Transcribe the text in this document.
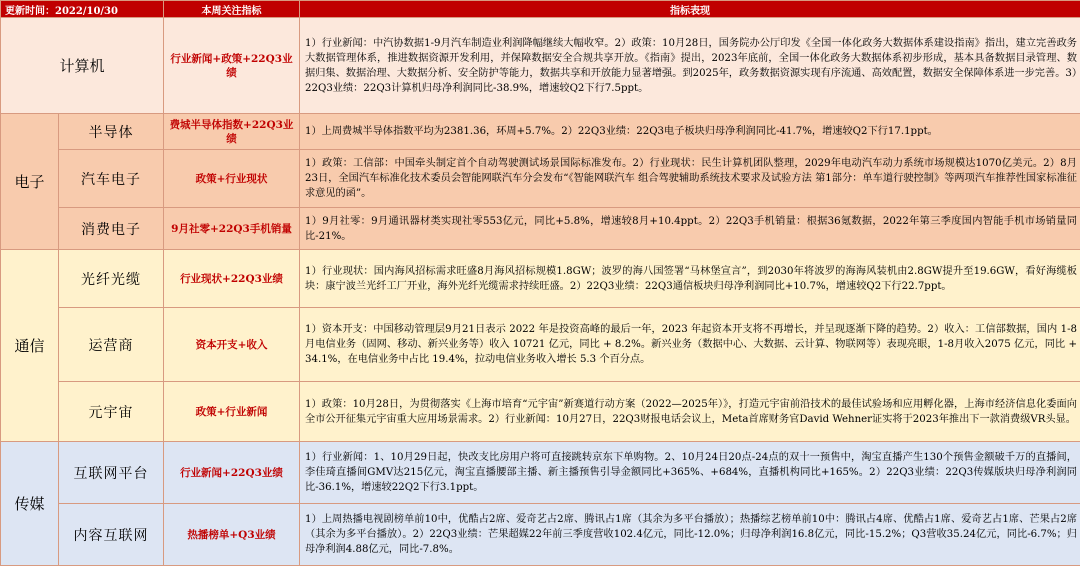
更新时间：2022/10/30		本周关注指标	指标表现
计算机		行业新闻+政策+22Q3业绩	1）行业新闻：中汽协数据1-9月汽车制造业利润降幅继续大幅收窄。2）政策：10月28日，国务院办公厅印发《全国一体化政务大数据体系建设指南》指出，建立完善政务大数据管理体系，推进数据资源开发利用，并保障数据安全合规共享开放。《指南》提出，2023年底前，全国一体化政务大数据体系初步形成，基本具备数据目录管理、数据归集、数据治理、大数据分析、安全防护等能力，数据共享和开放能力显著增强。到2025年，政务数据资源实现有序流通、高效配置，数据安全保障体系进一步完善。3）22Q3业绩：22Q3计算机归母净利润同比-38.9%，增速较Q2下行7.5ppt。
电子	半导体	费城半导体指数+22Q3业绩	1）上周费城半导体指数平均为2381.36，环周+5.7%。2）22Q3业绩：22Q3电子板块归母净利润同比-41.7%，增速较Q2下行17.1ppt。
	汽车电子	政策+行业现状	1）政策：工信部：中国牵头制定首个自动驾驶测试场景国际标准发布。2）行业现状：民生计算机团队整理，2029年电动汽车动力系统市场规模达1070亿美元。2）8月23日，全国汽车标准化技术委员会智能网联汽车分会发布“《智能网联汽车 组合驾驶辅助系统技术要求及试验方法 第1部分：单车道行驶控制》等两项汽车推荐性国家标准征求意见的函”。
	消费电子	9月社零+22Q3手机销量	1）9月社零：9月通讯器材类实现社零553亿元，同比+5.8%，增速较8月+10.4ppt。2）22Q3手机销量：根据36氪数据，2022年第三季度国内智能手机市场销量同比-21%。
通信	光纤光缆	行业现状+22Q3业绩	1）行业现状：国内海风招标需求旺盛8月海风招标规模1.8GW；波罗的海八国签署“马林堡宣言”，到2030年将波罗的海海风装机由2.8GW提升至19.6GW，看好海缆板块：康宁波兰光纤工厂开业，海外光纤光缆需求持续旺盛。2）22Q3业绩：22Q3通信板块归母净利润同比+10.7%，增速较Q2下行22.7ppt。
	运营商	资本开支+收入	1）资本开支：中国移动管理层9月21日表示 2022 年是投资高峰的最后一年，2023 年起资本开支将不再增长，并呈现逐渐下降的趋势。2）收入：工信部数据，国内 1-8 月电信业务（固网、移动、新兴业务等）收入 10721 亿元，同比 + 8.2%。新兴业务（数据中心、大数据、云计算、物联网等）表现亮眼，1-8月收入2075 亿元，同比 + 34.1%，在电信业务中占比 19.4%，拉动电信业务收入增长 5.3 个百分点。
	元宇宙	政策+行业新闻	1）政策：10月28日，为贯彻落实《上海市培育“元宇宙”新赛道行动方案（2022—2025年）》，打造元宇宙前沿技术的最佳试验场和应用孵化器，上海市经济信息化委面向全市公开征集元宇宙重大应用场景需求。2）行业新闻：10月27日，22Q3财报电话会议上，Meta首席财务官David Wehner证实将于2023年推出下一款消费级VR头显。
传媒	互联网平台	行业新闻+22Q3业绩	1）行业新闻：1、10月29日起，快改支比房用户将可直接跳转京东下单购物。2、10月24日20点-24点的双十一预售中，淘宝直播产生130个预售金额破千万的直播间，李佳琦直播间GMV达215亿元，淘宝直播腰部主播、新主播预售引导金额同比+365%、+684%，直播机构同比+165%。2）22Q3业绩：22Q3传媒版块归母净利润同比-36.1%，增速较22Q2下行3.1ppt。
	内容互联网	热播榜单+Q3业绩	1）上周热播电视剧榜单前10中，优酷占2席、爱奇艺占2席、腾讯占1席（其余为多平台播放）；热播综艺榜单前10中：腾讯占4席、优酷占1席、爱奇艺占1席、芒果占2席（其余为多平台播放）。2）22Q3业绩：芒果超媒22年前三季度营收102.4亿元，同比-12.0%；归母净利润16.8亿元，同比-15.2%；Q3营收35.24亿元，同比-6.7%；归母净利润4.88亿元，同比-7.8%。
